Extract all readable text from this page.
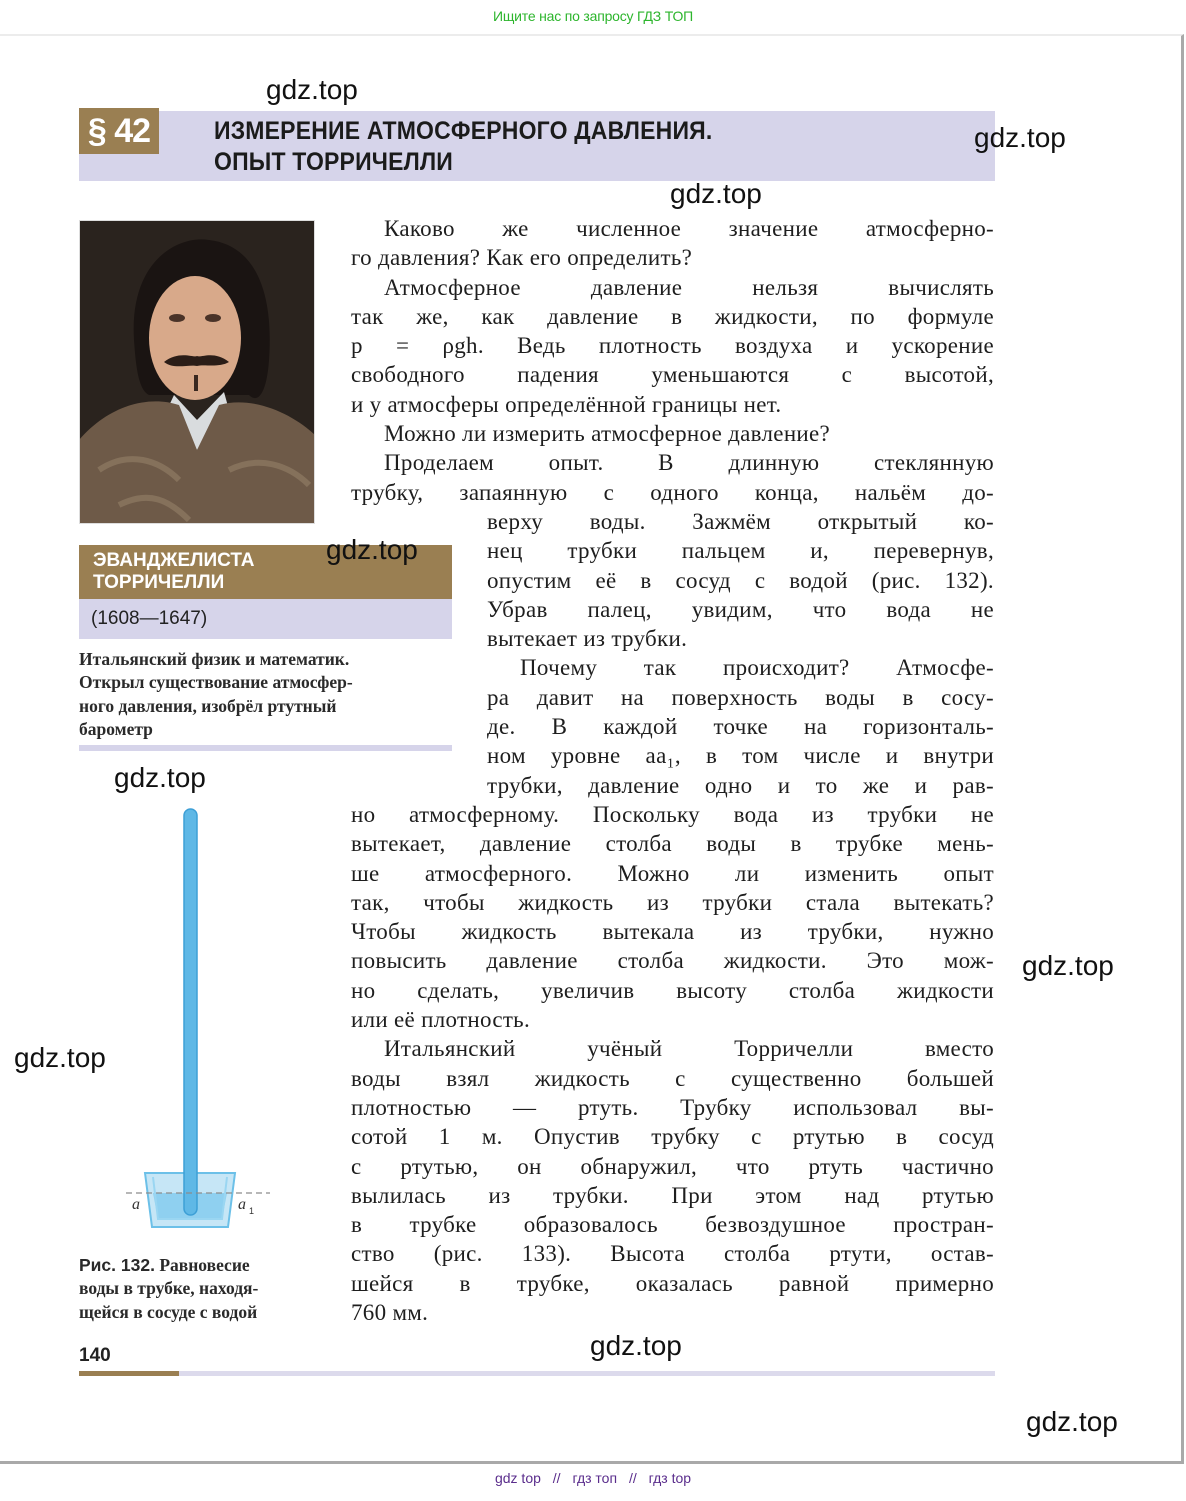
Ищите нас по запросу ГДЗ ТОП
§ 42	ИЗМЕРЕНИЕ АТМОСФЕРНОГО ДАВЛЕНИЯ.
ОПЫТ ТОРРИЧЕЛЛИ
ЭВАНДЖЕЛИСТА
ТОРРИЧЕЛЛИ
(1608—1647)
Итальянский физик и математик.
Открыл существование атмосфер-
ного давления, изобрёл ртутный
барометр
a	a 1
Рис. 132. Равновесие
воды в трубке, находя-
щейся в сосуде с водой
Каково же численное значение атмосферно-
го давления? Как его определить?
Атмосферное давление нельзя вычислять
так же, как давление в жидкости, по формуле
p = ρgh. Ведь плотность воздуха и ускорение
свободного падения уменьшаются с высотой,
и у атмосферы определённой границы нет.
Можно ли измерить атмосферное давление?
Проделаем опыт. В длинную стеклянную
трубку, запаянную с одного конца, нальём до-
верху воды. Зажмём открытый ко-
нец трубки пальцем и, перевернув,
опустим её в сосуд с водой (рис. 132).
Убрав палец, увидим, что вода не
вытекает из трубки.
Почему так происходит? Атмосфе-
ра давит на поверхность воды в сосу-
де. В каждой точке на горизонталь-
ном уровне aa₁, в том числе и внутри
трубки, давление одно и то же и рав-
но атмосферному. Поскольку вода из трубки не
вытекает, давление столба воды в трубке мень-
ше атмосферного. Можно ли изменить опыт
так, чтобы жидкость из трубки стала вытекать?
Чтобы жидкость вытекала из трубки, нужно
повысить давление столба жидкости. Это мож-
но сделать, увеличив высоту столба жидкости
или её плотность.
Итальянский учёный Торричелли вместо
воды взял жидкость с существенно большей
плотностью — ртуть. Трубку использовал вы-
сотой 1 м. Опустив трубку с ртутью в сосуд
с ртутью, он обнаружил, что ртуть частично
вылилась из трубки. При этом над ртутью
в трубке образовалось безвоздушное простран-
ство (рис. 133). Высота столба ртути, остав-
шейся в трубке, оказалась равной примерно
760 мм.
140
gdz top // гдз топ // гдз top
gdz.top
gdz.top
gdz.top
gdz.top
gdz.top
gdz.top
gdz.top
gdz.top
gdz.top
